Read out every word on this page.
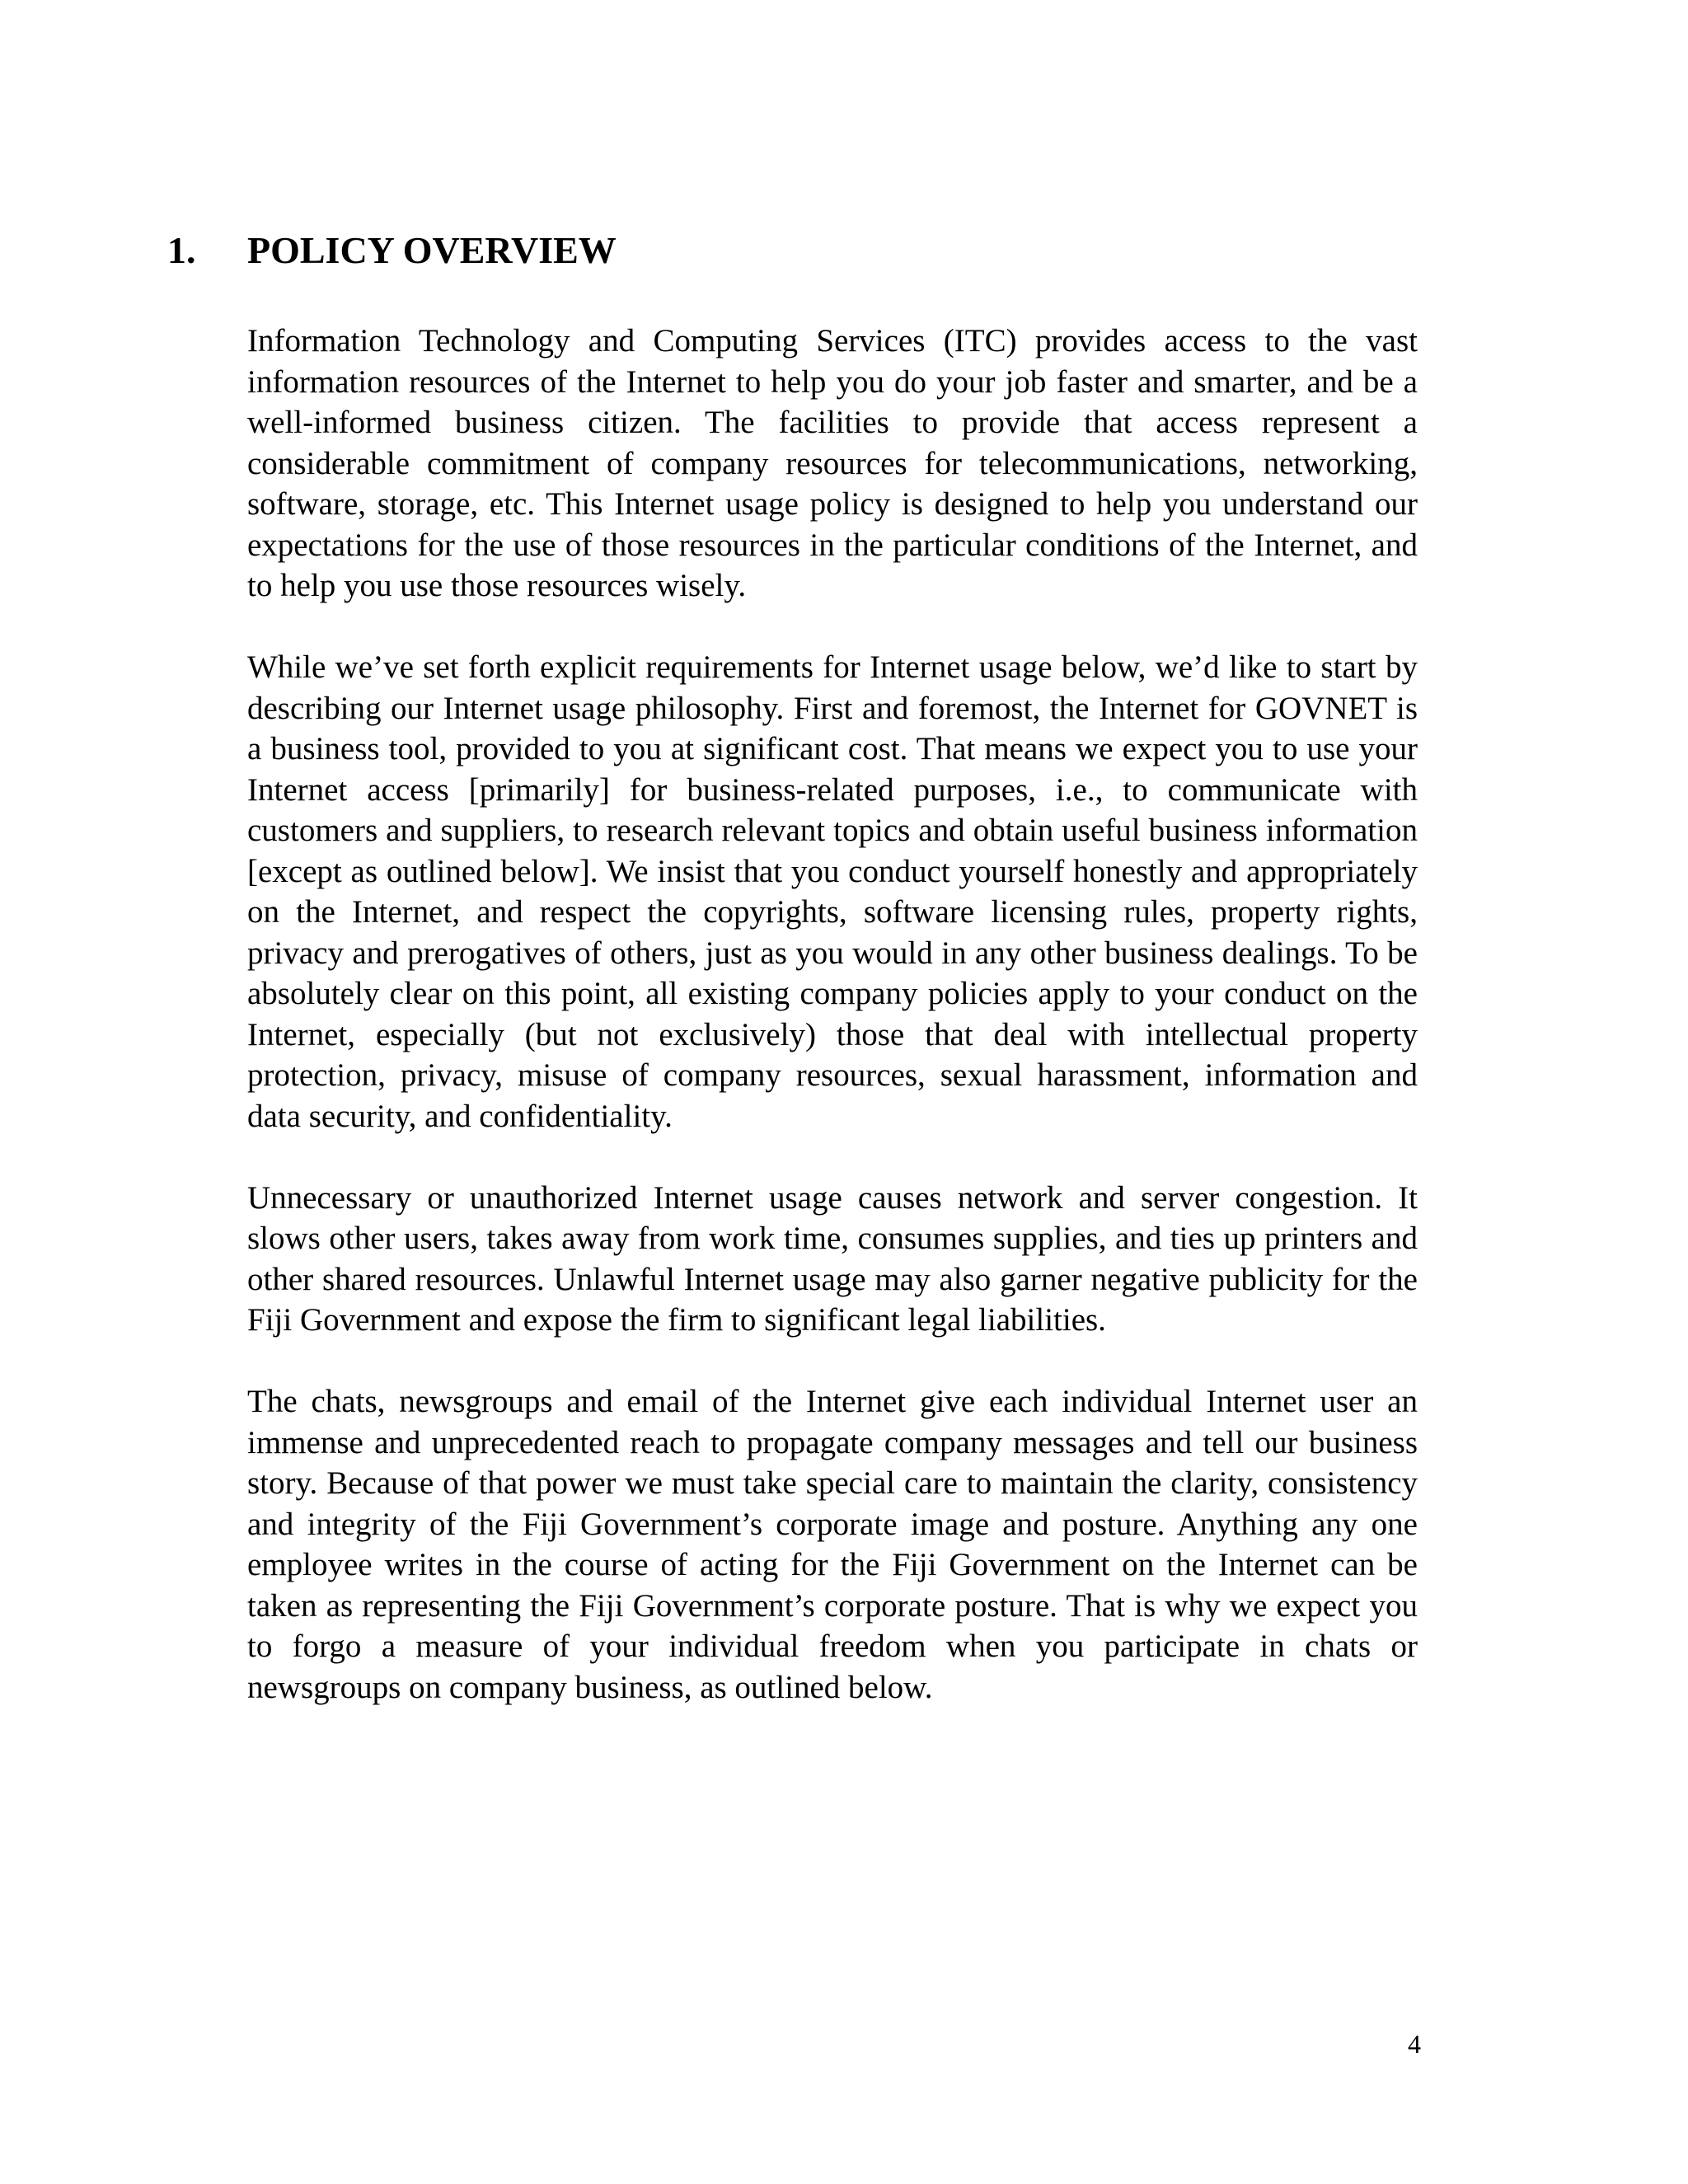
1. POLICY OVERVIEW

Information Technology and Computing Services (ITC) provides access to the vast information resources of the Internet to help you do your job faster and smarter, and be a well-informed business citizen. The facilities to provide that access represent a considerable commitment of company resources for telecommunications, networking, software, storage, etc. This Internet usage policy is designed to help you understand our expectations for the use of those resources in the particular conditions of the Internet, and to help you use those resources wisely.

While we’ve set forth explicit requirements for Internet usage below, we’d like to start by describing our Internet usage philosophy. First and foremost, the Internet for GOVNET is a business tool, provided to you at significant cost. That means we expect you to use your Internet access [primarily] for business-related purposes, i.e., to communicate with customers and suppliers, to research relevant topics and obtain useful business information [except as outlined below]. We insist that you conduct yourself honestly and appropriately on the Internet, and respect the copyrights, software licensing rules, property rights, privacy and prerogatives of others, just as you would in any other business dealings. To be absolutely clear on this point, all existing company policies apply to your conduct on the Internet, especially (but not exclusively) those that deal with intellectual property protection, privacy, misuse of company resources, sexual harassment, information and data security, and confidentiality.

Unnecessary or unauthorized Internet usage causes network and server congestion. It slows other users, takes away from work time, consumes supplies, and ties up printers and other shared resources. Unlawful Internet usage may also garner negative publicity for the Fiji Government and expose the firm to significant legal liabilities.

The chats, newsgroups and email of the Internet give each individual Internet user an immense and unprecedented reach to propagate company messages and tell our business story. Because of that power we must take special care to maintain the clarity, consistency and integrity of the Fiji Government’s corporate image and posture. Anything any one employee writes in the course of acting for the Fiji Government on the Internet can be taken as representing the Fiji Government’s corporate posture. That is why we expect you to forgo a measure of your individual freedom when you participate in chats or newsgroups on company business, as outlined below.

4
